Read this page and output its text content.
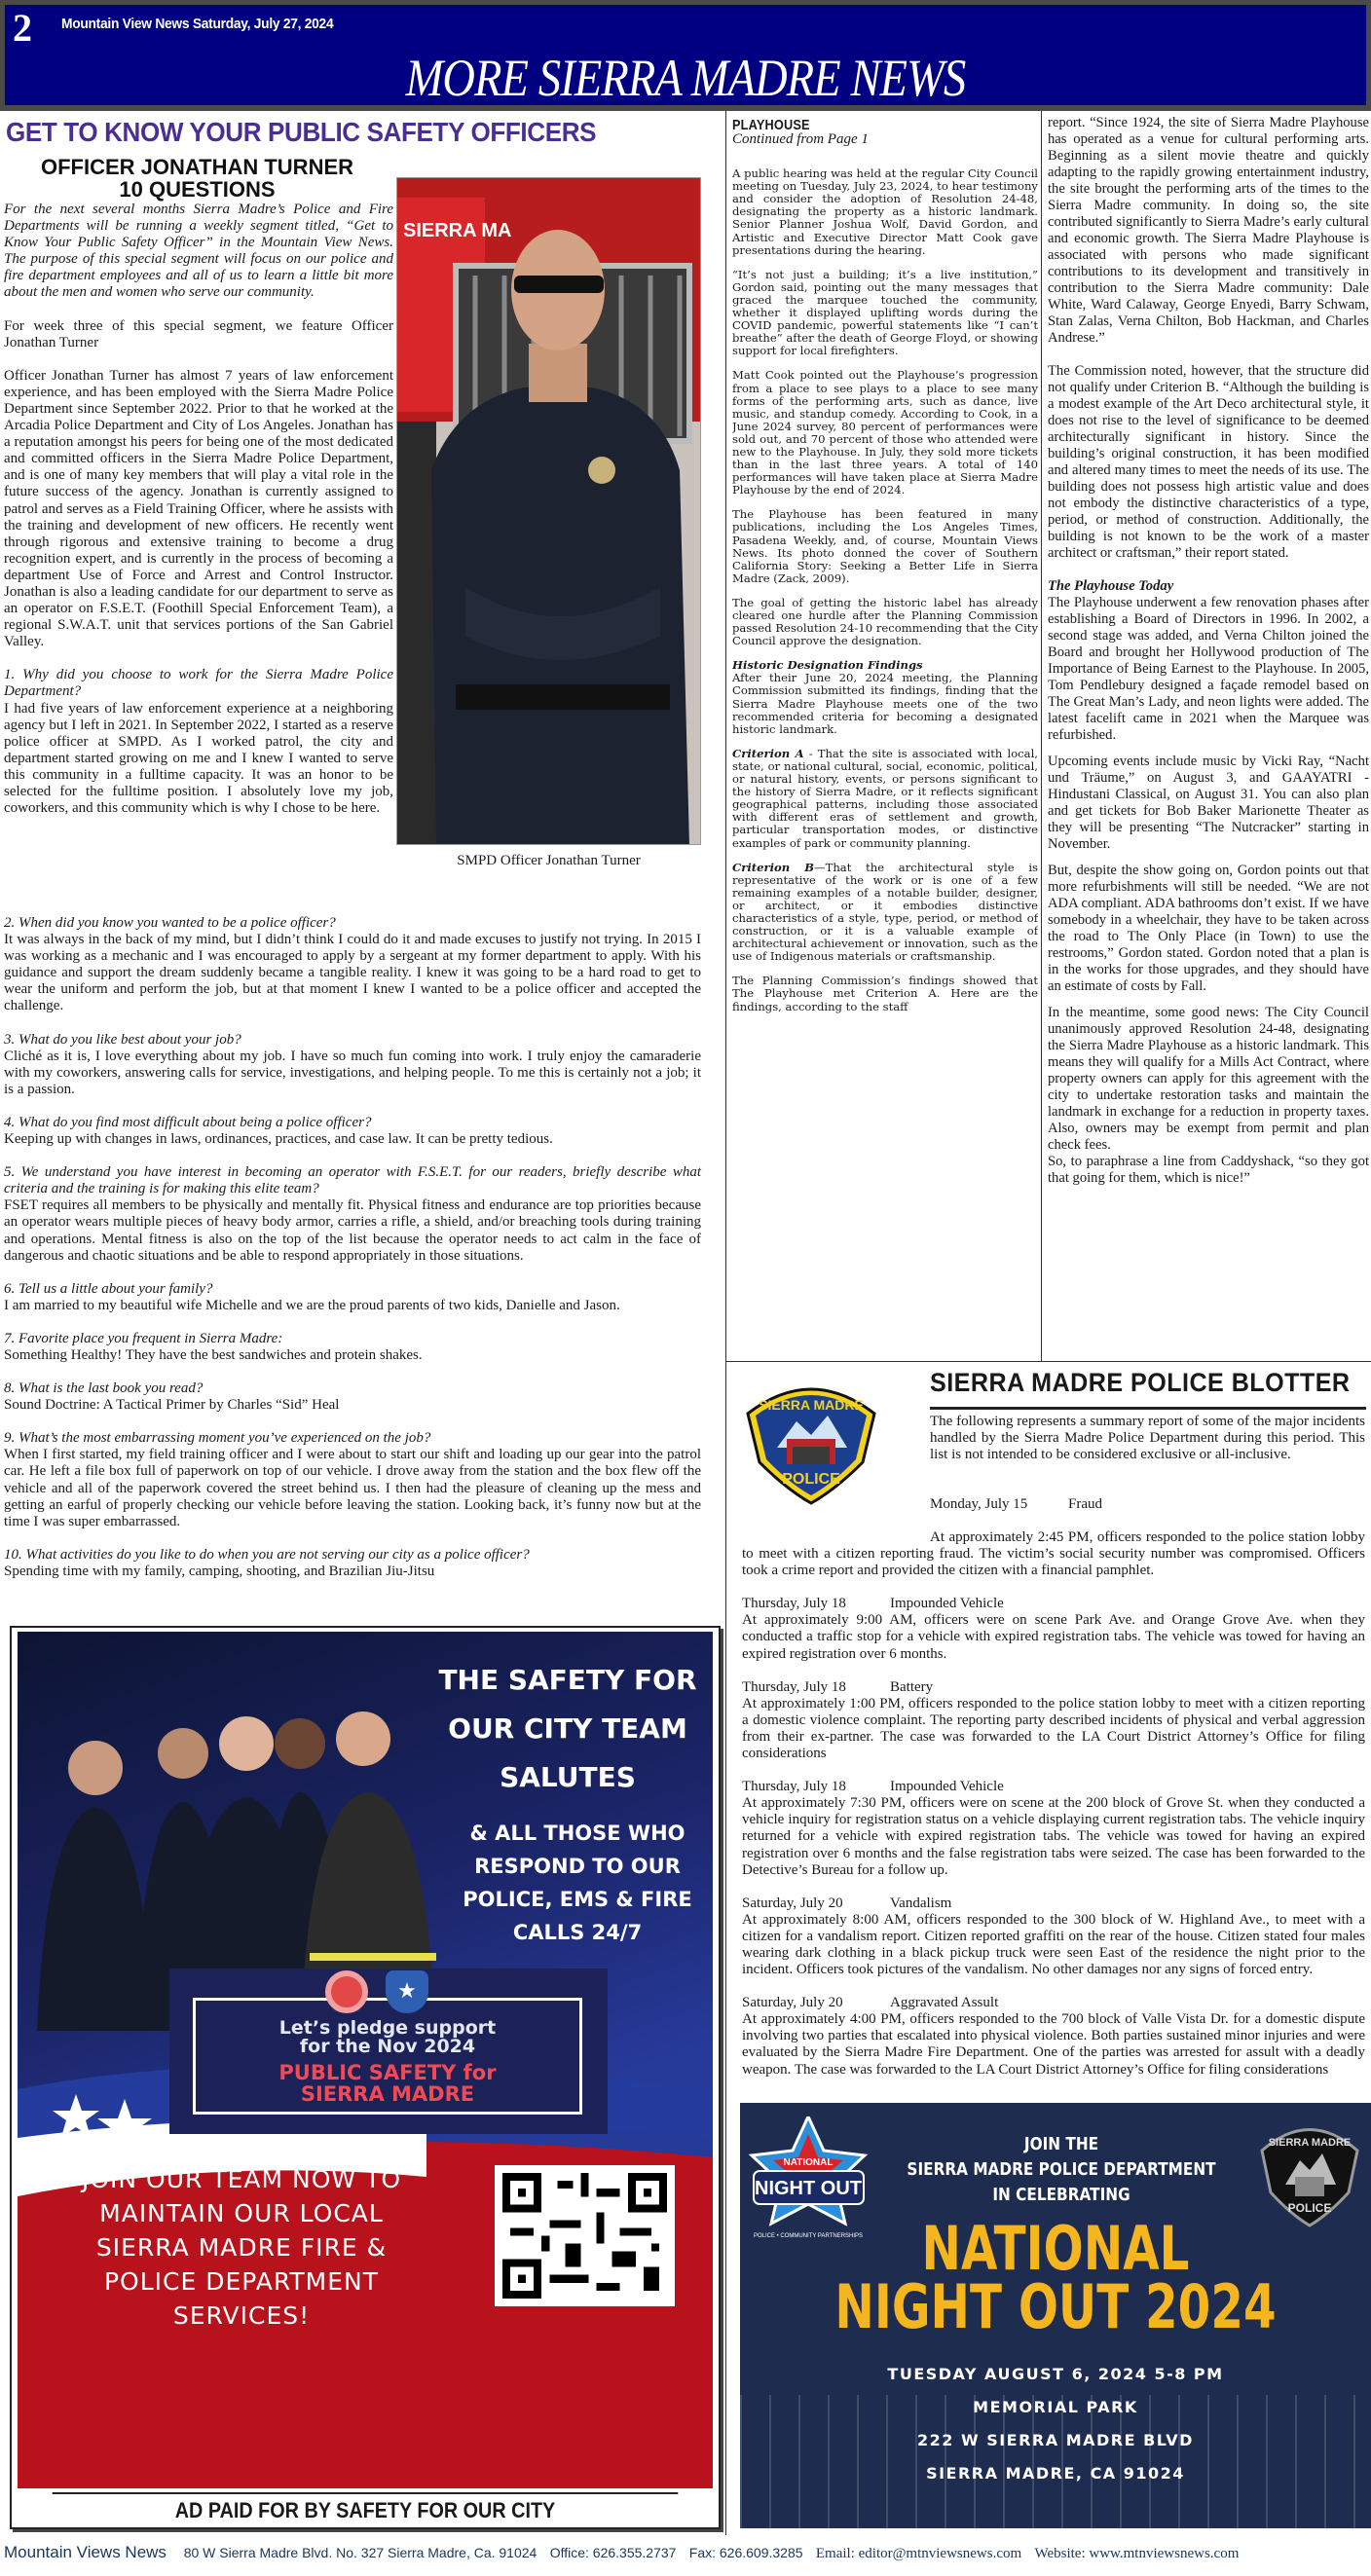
2 Mountain View News Saturday, July 27, 2024
MORE SIERRA MADRE NEWS
GET TO KNOW YOUR PUBLIC SAFETY OFFICERS
OFFICER JONATHAN TURNER
10 QUESTIONS

For the next several months Sierra Madre’s Police and Fire Departments will be running a weekly segment titled, “Get to Know Your Public Safety Officer” in the Mountain View News. The purpose of this special segment will focus on our police and fire department employees and all of us to learn a little bit more about the men and women who serve our community.

For week three of this special segment, we feature Officer Jonathan Turner

Officer Jonathan Turner has almost 7 years of law enforcement experience, and has been employed with the Sierra Madre Police Department since September 2022. Prior to that he worked at the Arcadia Police Department and City of Los Angeles. Jonathan has a reputation amongst his peers for being one of the most dedicated and committed officers in the Sierra Madre Police Department, and is one of many key members that will play a vital role in the future success of the agency. Jonathan is currently assigned to patrol and serves as a Field Training Officer, where he assists with the training and development of new officers. He recently went through rigorous and extensive training to become a drug recognition expert, and is currently in the process of becoming a department Use of Force and Arrest and Control Instructor. Jonathan is also a leading candidate for our department to serve as an operator on F.S.E.T. (Foothill Special Enforcement Team), a regional S.W.A.T. unit that services portions of the San Gabriel Valley.

1. Why did you choose to work for the Sierra Madre Police Department?
I had five years of law enforcement experience at a neighboring agency but I left in 2021. In September 2022, I started as a reserve police officer at SMPD. As I worked patrol, the city and department started growing on me and I knew I wanted to serve this community in a fulltime capacity. It was an honor to be selected for the fulltime position. I absolutely love my job, coworkers, and this community which is why I chose to be here.
SIERRA MA
SMPD Officer Jonathan Turner

2. When did you know you wanted to be a police officer?
It was always in the back of my mind, but I didn’t think I could do it and made excuses to justify not trying. In 2015 I was working as a mechanic and I was encouraged to apply by a sergeant at my former department to apply. With his guidance and support the dream suddenly became a tangible reality. I knew it was going to be a hard road to get to wear the uniform and perform the job, but at that moment I knew I wanted to be a police officer and accepted the challenge.

3. What do you like best about your job?
Cliché as it is, I love everything about my job. I have so much fun coming into work. I truly enjoy the camaraderie with my coworkers, answering calls for service, investigations, and helping people. To me this is certainly not a job; it is a passion.

4. What do you find most difficult about being a police officer?
Keeping up with changes in laws, ordinances, practices, and case law. It can be pretty tedious.

5. We understand you have interest in becoming an operator with F.S.E.T. for our readers, briefly describe what criteria and the training is for making this elite team?
FSET requires all members to be physically and mentally fit. Physical fitness and endurance are top priorities because an operator wears multiple pieces of heavy body armor, carries a rifle, a shield, and/or breaching tools during training and operations. Mental fitness is also on the top of the list because the operator needs to act calm in the face of dangerous and chaotic situations and be able to respond appropriately in those situations.

6. Tell us a little about your family?
I am married to my beautiful wife Michelle and we are the proud parents of two kids, Danielle and Jason.

7. Favorite place you frequent in Sierra Madre:
Something Healthy! They have the best sandwiches and protein shakes.

8. What is the last book you read?
Sound Doctrine: A Tactical Primer by Charles “Sid” Heal

9. What’s the most embarrassing moment you’ve experienced on the job?
When I first started, my field training officer and I were about to start our shift and loading up our gear into the patrol car. He left a file box full of paperwork on top of our vehicle. I drove away from the station and the box flew off the vehicle and all of the paperwork covered the street behind us. I then had the pleasure of cleaning up the mess and getting an earful of properly checking our vehicle before leaving the station. Looking back, it’s funny now but at the time I was super embarrassed.

10. What activities do you like to do when you are not serving our city as a police officer?
Spending time with my family, camping, shooting, and Brazilian Jiu-Jitsu

PLAYHOUSE

Continued from Page 1

A public hearing was held at the regular City Council meeting on Tuesday, July 23, 2024, to hear testimony and consider the adoption of Resolution 24-48, designating the property as a historic landmark. Senior Planner Joshua Wolf, David Gordon, and Artistic and Executive Director Matt Cook gave presentations during the hearing.

“It’s not just a building; it’s a live institution,” Gordon said, pointing out the many messages that graced the marquee touched the community, whether it displayed uplifting words during the COVID pandemic, powerful statements like “I can’t breathe” after the death of George Floyd, or showing support for local firefighters.

Matt Cook pointed out the Playhouse’s progression from a place to see plays to a place to see many forms of the performing arts, such as dance, live music, and standup comedy. According to Cook, in a June 2024 survey, 80 percent of performances were sold out, and 70 percent of those who attended were new to the Playhouse. In July, they sold more tickets than in the last three years. A total of 140 performances will have taken place at Sierra Madre Playhouse by the end of 2024.

The Playhouse has been featured in many publications, including the Los Angeles Times, Pasadena Weekly, and, of course, Mountain Views News. Its photo donned the cover of Southern California Story: Seeking a Better Life in Sierra Madre (Zack, 2009).

The goal of getting the historic label has already cleared one hurdle after the Planning Commission passed Resolution 24-10 recommending that the City Council approve the designation.

Historic Designation Findings

After their June 20, 2024 meeting, the Planning Commission submitted its findings, finding that the Sierra Madre Playhouse meets one of the two recommended criteria for becoming a designated historic landmark.

Criterion A - That the site is associated with local, state, or national cultural, social, economic, political, or natural history, events, or persons significant to the history of Sierra Madre, or it reflects significant geographical patterns, including those associated with different eras of settlement and growth, particular transportation modes, or distinctive examples of park or community planning.

Criterion B—That the architectural style is representative of the work or is one of a few remaining examples of a notable builder, designer, or architect, or it embodies distinctive characteristics of a style, type, period, or method of construction, or it is a valuable example of architectural achievement or innovation, such as the use of Indigenous materials or craftsmanship.

The Planning Commission’s findings showed that The Playhouse met Criterion A. Here are the findings, according to the staff

report. “Since 1924, the site of Sierra Madre Playhouse has operated as a venue for cultural performing arts. Beginning as a silent movie theatre and quickly adapting to the rapidly growing entertainment industry, the site brought the performing arts of the times to the Sierra Madre community. In doing so, the site contributed significantly to Sierra Madre’s early cultural and economic growth. The Sierra Madre Playhouse is associated with persons who made significant contributions to its development and transitively in contribution to the Sierra Madre community: Dale White, Ward Calaway, George Enyedi, Barry Schwam, Stan Zalas, Verna Chilton, Bob Hackman, and Charles Andrese.”

The Commission noted, however, that the structure did not qualify under Criterion B. “Although the building is a modest example of the Art Deco architectural style, it does not rise to the level of significance to be deemed architecturally significant in history. Since the building’s original construction, it has been modified and altered many times to meet the needs of its use. The building does not possess high artistic value and does not embody the distinctive characteristics of a type, period, or method of construction. Additionally, the building is not known to be the work of a master architect or craftsman,” their report stated.

The Playhouse Today

The Playhouse underwent a few renovation phases after establishing a Board of Directors in 1996. In 2002, a second stage was added, and Verna Chilton joined the Board and brought her Hollywood production of The Importance of Being Earnest to the Playhouse. In 2005, Tom Pendlebury designed a façade remodel based on The Great Man’s Lady, and neon lights were added. The latest facelift came in 2021 when the Marquee was refurbished.

Upcoming events include music by Vicki Ray, “Nacht und Träume,” on August 3, and GAAYATRI -Hindustani Classical, on August 31. You can also plan and get tickets for Bob Baker Marionette Theater as they will be presenting “The Nutcracker” starting in November.

But, despite the show going on, Gordon points out that more refurbishments will still be needed. “We are not ADA compliant. ADA bathrooms don’t exist. If we have somebody in a wheelchair, they have to be taken across the road to The Only Place (in Town) to use the restrooms,” Gordon stated. Gordon noted that a plan is in the works for those upgrades, and they should have an estimate of costs by Fall.

In the meantime, some good news: The City Council unanimously approved Resolution 24-48, designating the Sierra Madre Playhouse as a historic landmark. This means they will qualify for a Mills Act Contract, where property owners can apply for this agreement with the city to undertake restoration tasks and maintain the landmark in exchange for a reduction in property taxes. Also, owners may be exempt from permit and plan check fees.

So, to paraphrase a line from Caddyshack, “so they got that going for them, which is nice!”

SIERRA MADRE POLICE BLOTTER
SIERRA MADRE
POLICE
The following represents a summary report of some of the major incidents handled by the Sierra Madre Police Department during this period. This list is not intended to be considered exclusive or all-inclusive.
Monday, July 15	Fraud
At approximately 2:45 PM, officers responded to the police station lobby to meet with a citizen reporting fraud. The victim’s social security number was compromised. Officers took a crime report and provided the citizen with a financial pamphlet.
Thursday, July 18	Impounded Vehicle
At approximately 9:00 AM, officers were on scene Park Ave. and Orange Grove Ave. when they conducted a traffic stop for a vehicle with expired registration tabs. The vehicle was towed for having an expired registration over 6 months.
Thursday, July 18	Battery
At approximately 1:00 PM, officers responded to the police station lobby to meet with a citizen reporting a domestic violence complaint. The reporting party described incidents of physical and verbal aggression from their ex-partner. The case was forwarded to the LA Court District Attorney’s Office for filing considerations
Thursday, July 18	Impounded Vehicle
At approximately 7:30 PM, officers were on scene at the 200 block of Grove St. when they conducted a vehicle inquiry for registration status on a vehicle displaying current registration tabs. The vehicle inquiry returned for a vehicle with expired registration tabs. The vehicle was towed for having an expired registration over 6 months and the false registration tabs were seized. The case has been forwarded to the Detective’s Bureau for a follow up.
Saturday, July 20	Vandalism
At approximately 8:00 AM, officers responded to the 300 block of W. Highland Ave., to meet with a citizen for a vandalism report. Citizen reported graffiti on the rear of the house. Citizen stated four males wearing dark clothing in a black pickup truck were seen East of the residence the night prior to the incident. Officers took pictures of the vandalism. No other damages nor any signs of forced entry.
Saturday, July 20	Aggravated Assult
At approximately 4:00 PM, officers responded to the 700 block of Valle Vista Dr. for a domestic dispute involving two parties that escalated into physical violence. Both parties sustained minor injuries and were evaluated by the Sierra Madre Fire Department. One of the parties was arrested for assult with a deadly weapon. The case was forwarded to the LA Court District Attorney’s Office for filing considerations
THE SAFETY FOR
OUR CITY TEAM
SALUTES
& ALL THOSE WHO
RESPOND TO OUR
POLICE, EMS & FIRE
CALLS 24/7
★
Let’s pledge support
for the Nov 2024
PUBLIC SAFETY for
SIERRA MADRE
JOIN OUR TEAM NOW TO
MAINTAIN OUR LOCAL
SIERRA MADRE FIRE &
POLICE DEPARTMENT
SERVICES!
AD PAID FOR BY SAFETY FOR OUR CITY
NATIONAL
NIGHT OUT
POLICE • COMMUNITY PARTNERSHIPS
SIERRA MADRE
POLICE
JOIN THE
SIERRA MADRE POLICE DEPARTMENT
IN CELEBRATING
NATIONAL
NIGHT OUT 2024
TUESDAY AUGUST 6, 2024 5-8 PM
MEMORIAL PARK
222 W SIERRA MADRE BLVD
SIERRA MADRE, CA 91024
Mountain Views News 80 W Sierra Madre Blvd. No. 327 Sierra Madre, Ca. 91024 Office: 626.355.2737 Fax: 626.609.3285 Email: editor@mtnviewsnews.com Website: www.mtnviewsnews.com
